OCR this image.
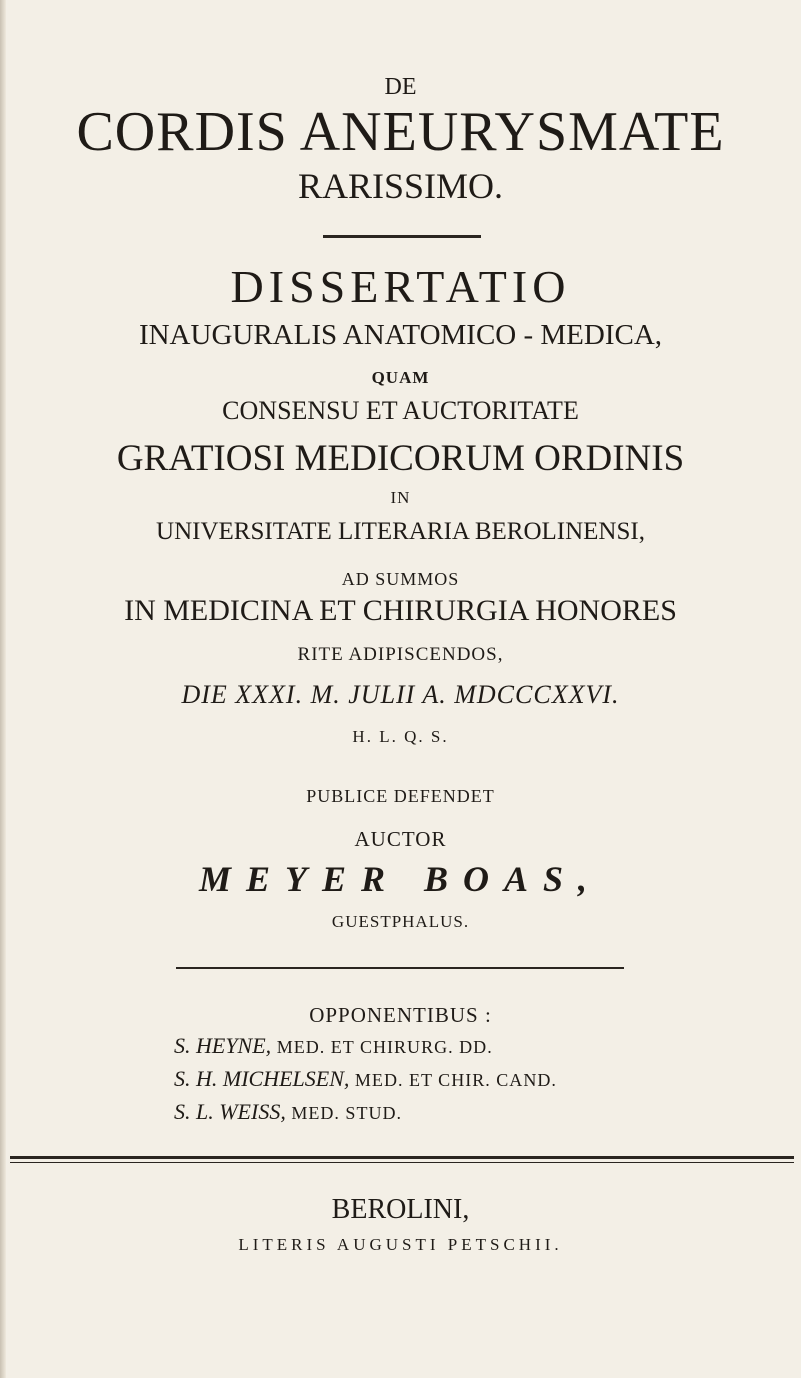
DE
CORDIS ANEURYSMATE
RARISSIMO.
DISSERTATIO
INAUGURALIS ANATOMICO - MEDICA,
QUAM
CONSENSU ET AUCTORITATE
GRATIOSI MEDICORUM ORDINIS
IN
UNIVERSITATE LITERARIA BEROLINENSI,
AD SUMMOS
IN MEDICINA ET CHIRURGIA HONORES
RITE ADIPISCENDOS,
DIE XXXI. M. JULII A. MDCCCXXVI.
H. L. Q. S.
PUBLICE DEFENDET
AUCTOR
MEYER BOAS,
GUESTPHALUS.
OPPONENTIBUS :
S. HEYNE, MED. ET CHIRURG. DD.
S. H. MICHELSEN, MED. ET CHIR. CAND.
S. L. WEISS, MED. STUD.
BEROLINI,
LITERIS AUGUSTI PETSCHII.
